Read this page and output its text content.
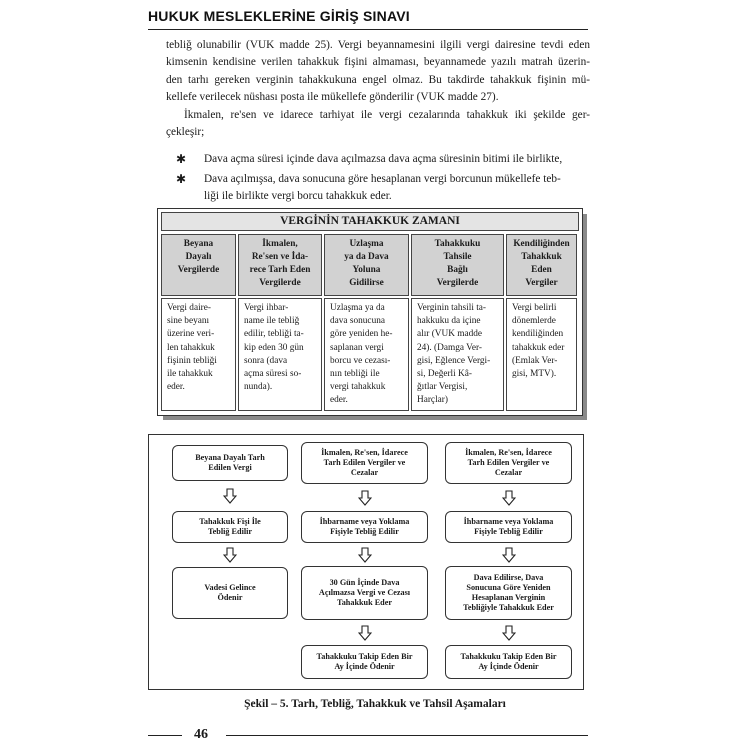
HUKUK MESLEKLERİNE GİRİŞ SINAVI
tebliğ olunabilir (VUK madde 25). Vergi beyannamesini ilgili vergi dairesine tevdi eden
kimsenin kendisine verilen tahakkuk fişini almaması, beyannamede yazılı matrah üzerin-
den tarhı gereken verginin tahakkukuna engel olmaz. Bu takdirde tahakkuk fişinin mü-
kellefe verilecek nüshası posta ile mükellefe gönderilir (VUK madde 27).
İkmalen, re'sen ve idarece tarhiyat ile vergi cezalarında tahakkuk iki şekilde ger-
çekleşir;
✱ Dava açma süresi içinde dava açılmazsa dava açma süresinin bitimi ile birlikte,
✱ Dava açılmışsa, dava sonucuna göre hesaplanan vergi borcunun mükellefe teb-
liği ile birlikte vergi borcu tahakkuk eder.
VERGİNİN TAHAKKUK ZAMANI
Beyana
Dayalı
Vergilerde
İkmalen,
Re'sen ve İda-
rece Tarh Eden
Vergilerde
Uzlaşma
ya da Dava
Yoluna
Gidilirse
Tahakkuku
Tahsile
Bağlı
Vergilerde
Kendiliğinden
Tahakkuk
Eden
Vergiler
Vergi daire-
sine beyanı
üzerine veri-
len tahakkuk
fişinin tebliği
ile tahakkuk
eder.
Vergi ihbar-
name ile tebliğ
edilir, tebliği ta-
kip eden 30 gün
sonra (dava
açma süresi so-
nunda).
Uzlaşma ya da
dava sonucuna
göre yeniden he-
saplanan vergi
borcu ve cezası-
nın tebliği ile
vergi tahakkuk
eder.
Verginin tahsili ta-
hakkuku da içine
alır (VUK madde
24). (Damga Ver-
gisi, Eğlence Vergi-
si, Değerli Kâ-
ğıtlar Vergisi,
Harçlar)
Vergi belirli
dönemlerde
kendiliğinden
tahakkuk eder
(Emlak Ver-
gisi, MTV).
Beyana Dayalı Tarh
Edilen Vergi
Tahakkuk Fişi İle
Tebliğ Edilir
Vadesi Gelince
Ödenir
İkmalen, Re'sen, İdarece
Tarh Edilen Vergiler ve
Cezalar
İhbarname veya Yoklama
Fişiyle Tebliğ Edilir
30 Gün İçinde Dava
Açılmazsa Vergi ve Cezası
Tahakkuk Eder
Tahakkuku Takip Eden Bir
Ay İçinde Ödenir
İkmalen, Re'sen, İdarece
Tarh Edilen Vergiler ve
Cezalar
İhbarname veya Yoklama
Fişiyle Tebliğ Edilir
Dava Edilirse, Dava
Sonucuna Göre Yeniden
Hesaplanan Verginin
Tebliğiyle Tahakkuk Eder
Tahakkuku Takip Eden Bir
Ay İçinde Ödenir
Şekil – 5. Tarh, Tebliğ, Tahakkuk ve Tahsil Aşamaları
46
